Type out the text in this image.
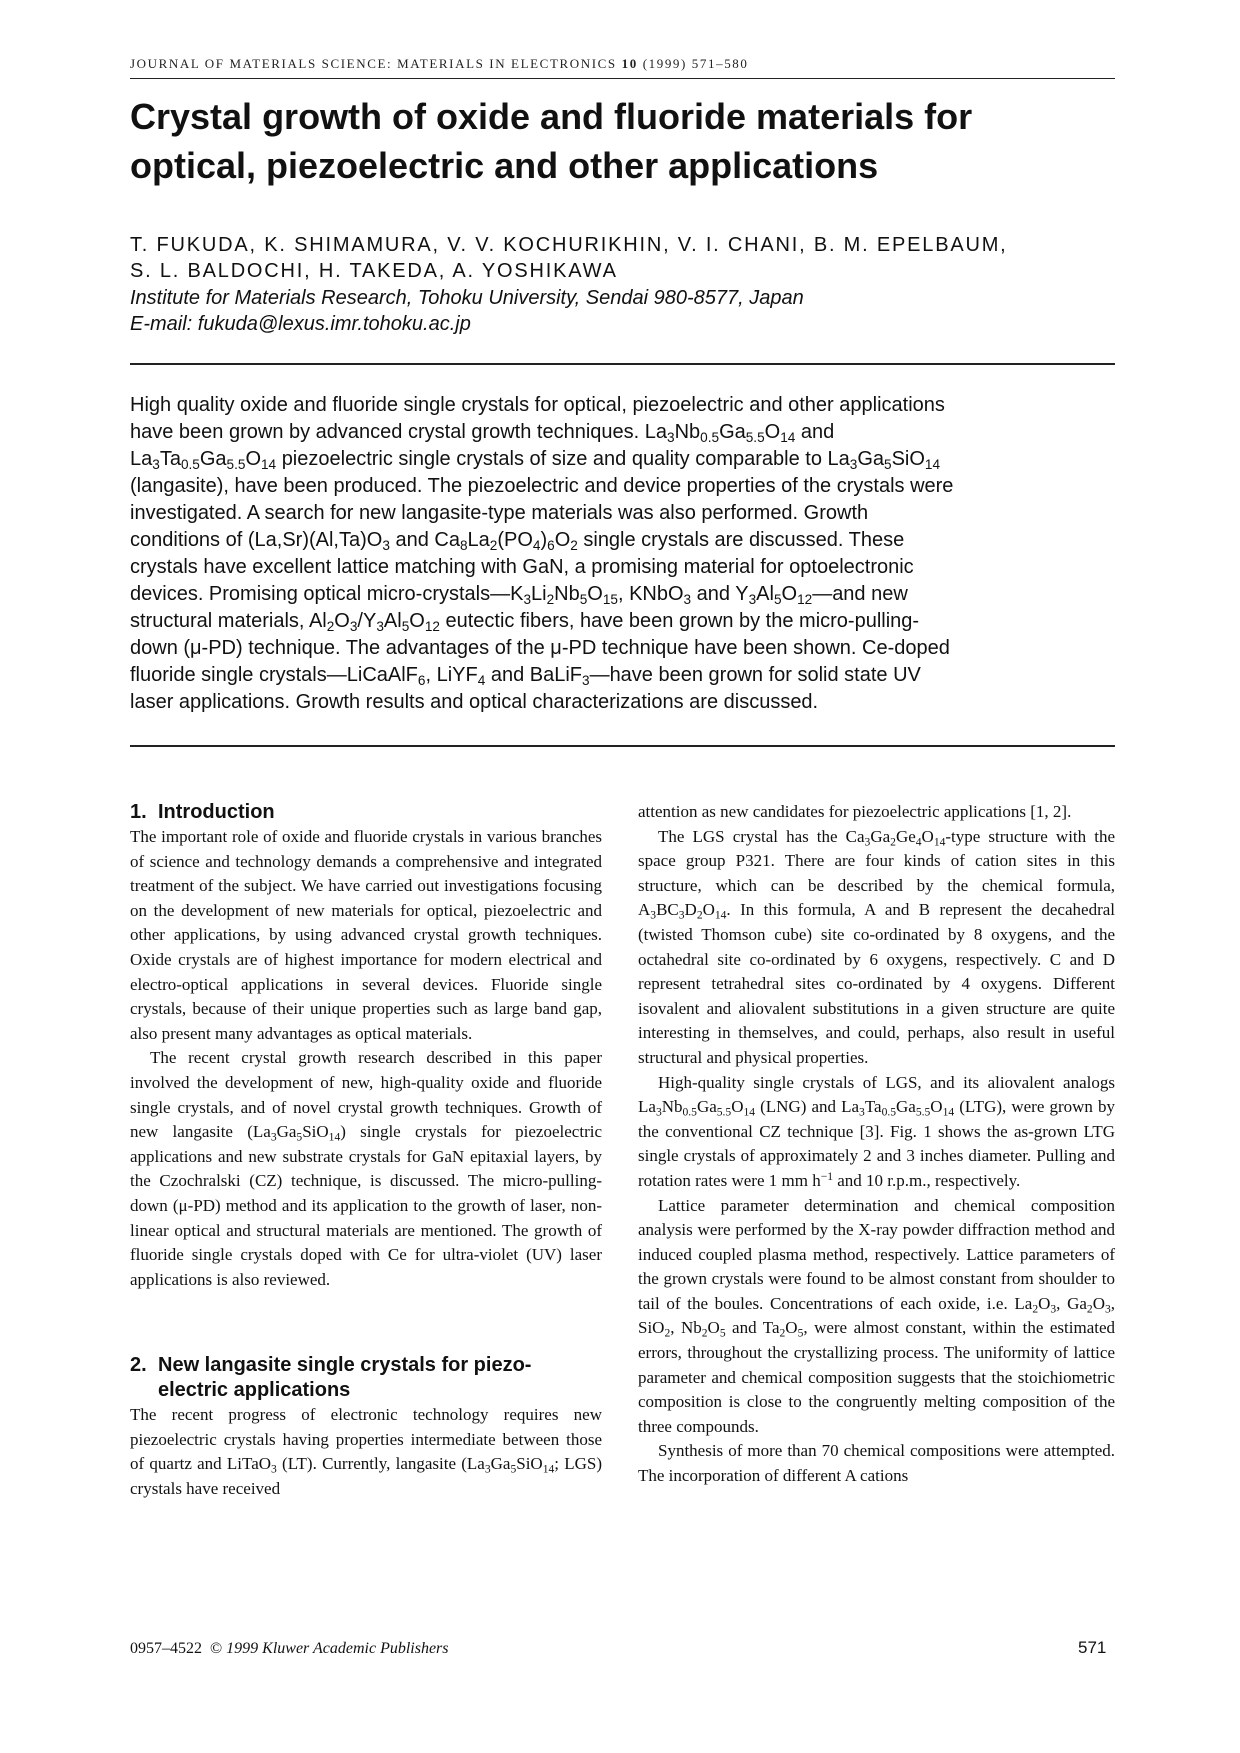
JOURNAL OF MATERIALS SCIENCE: MATERIALS IN ELECTRONICS 10 (1999) 571–580
Crystal growth of oxide and fluoride materials for
optical, piezoelectric and other applications
T. FUKUDA, K. SHIMAMURA, V. V. KOCHURIKHIN, V. I. CHANI, B. M. EPELBAUM,
S. L. BALDOCHI, H. TAKEDA, A. YOSHIKAWA
Institute for Materials Research, Tohoku University, Sendai 980-8577, Japan
E-mail: fukuda@lexus.imr.tohoku.ac.jp
High quality oxide and fluoride single crystals for optical, piezoelectric and other applications
have been grown by advanced crystal growth techniques. $La_3Nb_{0.5}Ga_{5.5}O_{14}$ and
$La_3Ta_{0.5}Ga_{5.5}O_{14}$ piezoelectric single crystals of size and quality comparable to $La_3Ga_5SiO_{14}$
(langasite), have been produced. The piezoelectric and device properties of the crystals were
investigated. A search for new langasite-type materials was also performed. Growth
conditions of $(La,Sr)(Al,Ta)O_3$ and $Ca_8La_2(PO_4)_6O_2$ single crystals are discussed. These
crystals have excellent lattice matching with GaN, a promising material for optoelectronic
devices. Promising optical micro-$crystals—K_3Li_2Nb_5O_{15}$, KNbO$_3$ and $Y_3Al_5O_{12}—and$ new
structural materials, $Al_2O_3/Y_3Al_5O_{12}$ eutectic fibers, have been grown by the micro-pulling-
down (μ-PD) technique. The advantages of the μ-PD technique have been shown. Ce-doped
fluoride single crystals—LiCaAlF$_6$, LiYF$_4$ and BaLiF$_3$—have been grown for solid state UV
laser applications. Growth results and optical characterizations are discussed.
1. Introduction

The important role of oxide and fluoride crystals in various branches of science and technology demands a comprehensive and integrated treatment of the subject. We have carried out investigations focusing on the development of new materials for optical, piezoelectric and other applications, by using advanced crystal growth techniques. Oxide crystals are of highest importance for modern electrical and electro-optical applications in several devices. Fluoride single crystals, because of their unique properties such as large band gap, also present many advantages as optical materials.

The recent crystal growth research described in this paper involved the development of new, high-quality oxide and fluoride single crystals, and of novel crystal growth techniques. Growth of new langasite $(La_3Ga_5SiO_{14})$ single crystals for piezoelectric applications and new substrate crystals for GaN epitaxial layers, by the Czochralski (CZ) technique, is discussed. The micro-pulling-down (μ-PD) method and its application to the growth of laser, non-linear optical and structural materials are mentioned. The growth of fluoride single crystals doped with Ce for ultra-violet (UV) laser applications is also reviewed.

2. New langasite single crystals for piezo-
electric applications

The recent progress of electronic technology requires new piezoelectric crystals having properties intermediate between those of quartz and LiTaO$_3$ (LT). Currently, langasite ($La_3Ga_5SiO_{14}$; LGS) crystals have received

attention as new candidates for piezoelectric applications [1, 2].

The LGS crystal has the $Ca_3Ga_2Ge_4O_{14}$-type structure with the space group P321. There are four kinds of cation sites in this structure, which can be described by the chemical formula, $A_3BC_3D_2O_{14}$. In this formula, A and B represent the decahedral (twisted Thomson cube) site co-ordinated by 8 oxygens, and the octahedral site co-ordinated by 6 oxygens, respectively. C and D represent tetrahedral sites co-ordinated by 4 oxygens. Different isovalent and aliovalent substitutions in a given structure are quite interesting in themselves, and could, perhaps, also result in useful structural and physical properties.

High-quality single crystals of LGS, and its aliovalent analogs $La_3Nb_{0.5}Ga_{5.5}O_{14}$ (LNG) and $La_3Ta_{0.5}Ga_{5.5}O_{14}$ (LTG), were grown by the conventional CZ technique [3]. Fig. 1 shows the as-grown LTG single crystals of approximately 2 and 3 inches diameter. Pulling and rotation rates were 1 mm $h^{-1}$ and 10 r.p.m., respectively.

Lattice parameter determination and chemical composition analysis were performed by the X-ray powder diffraction method and induced coupled plasma method, respectively. Lattice parameters of the grown crystals were found to be almost constant from shoulder to tail of the boules. Concentrations of each oxide, i.e. $La_2O_3$, $Ga_2O_3$, SiO$_2$, $Nb_2O_5$ and $Ta_2O_5$, were almost constant, within the estimated errors, throughout the crystallizing process. The uniformity of lattice parameter and chemical composition suggests that the stoichiometric composition is close to the congruently melting composition of the three compounds.

Synthesis of more than 70 chemical compositions were attempted. The incorporation of different A cations

0957–4522 © 1999 Kluwer Academic Publishers	571
